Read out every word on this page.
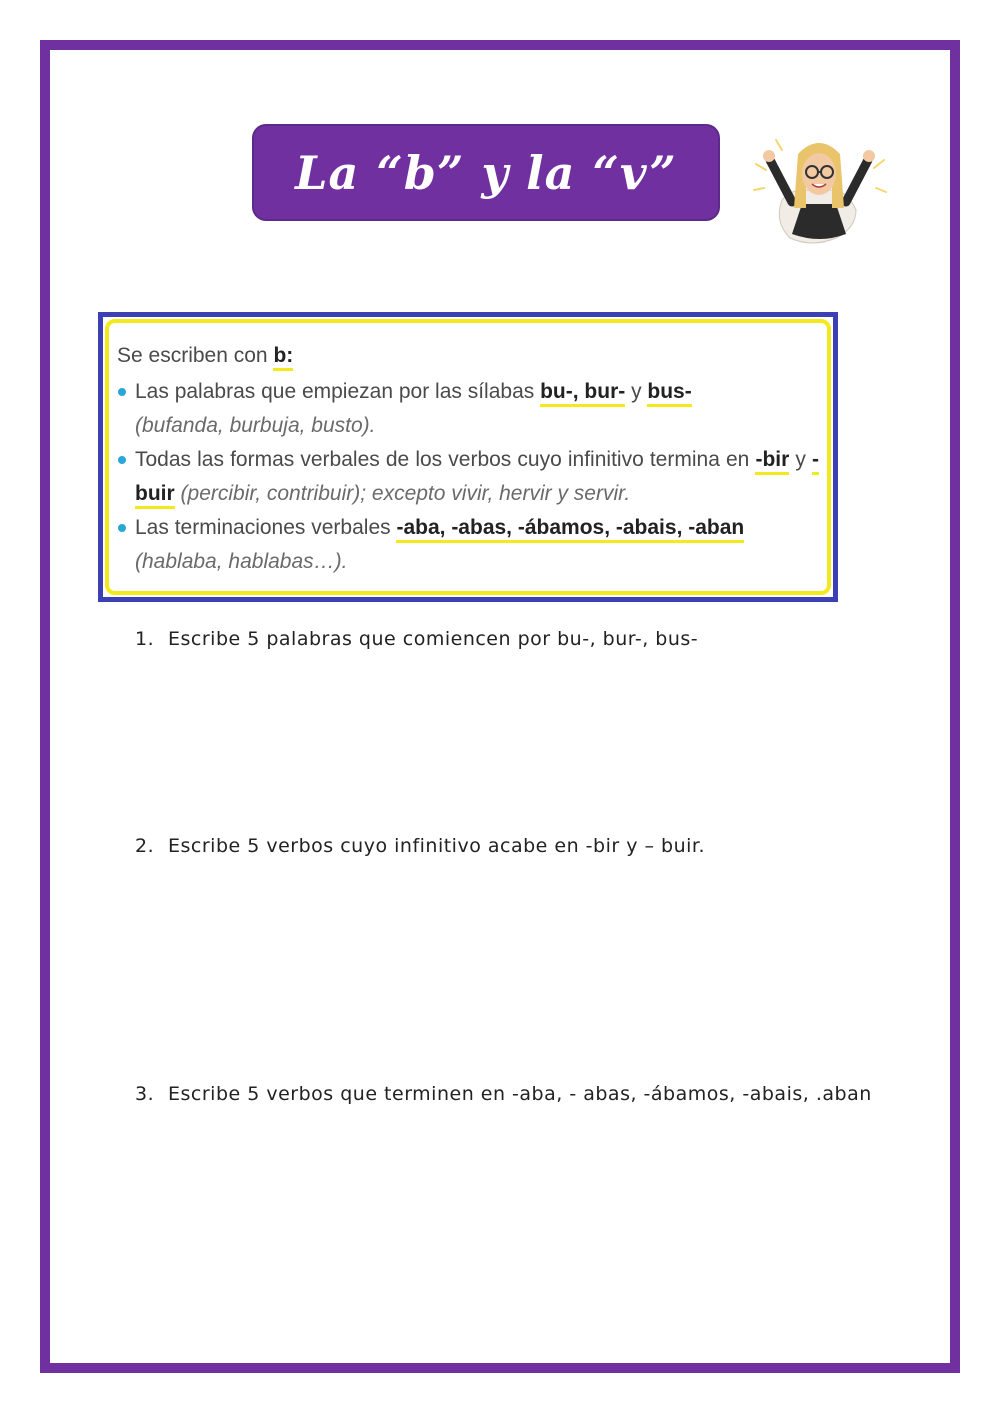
La “b” y la “v”

Se escriben con b:

Las palabras que empiezan por las sílabas bu-, bur- y bus-
(bufanda, burbuja, busto).

Todas las formas verbales de los verbos cuyo infinitivo termina en -bir y -buir (percibir, contribuir); excepto vivir, hervir y servir.

Las terminaciones verbales -aba, -abas, -ábamos, -abais, -aban
(hablaba, hablabas…).

1. Escribe 5 palabras que comiencen por bu-, bur-, bus-
2. Escribe 5 verbos cuyo infinitivo acabe en -bir y – buir.
3. Escribe 5 verbos que terminen en -aba, - abas, -ábamos, -abais, .aban
